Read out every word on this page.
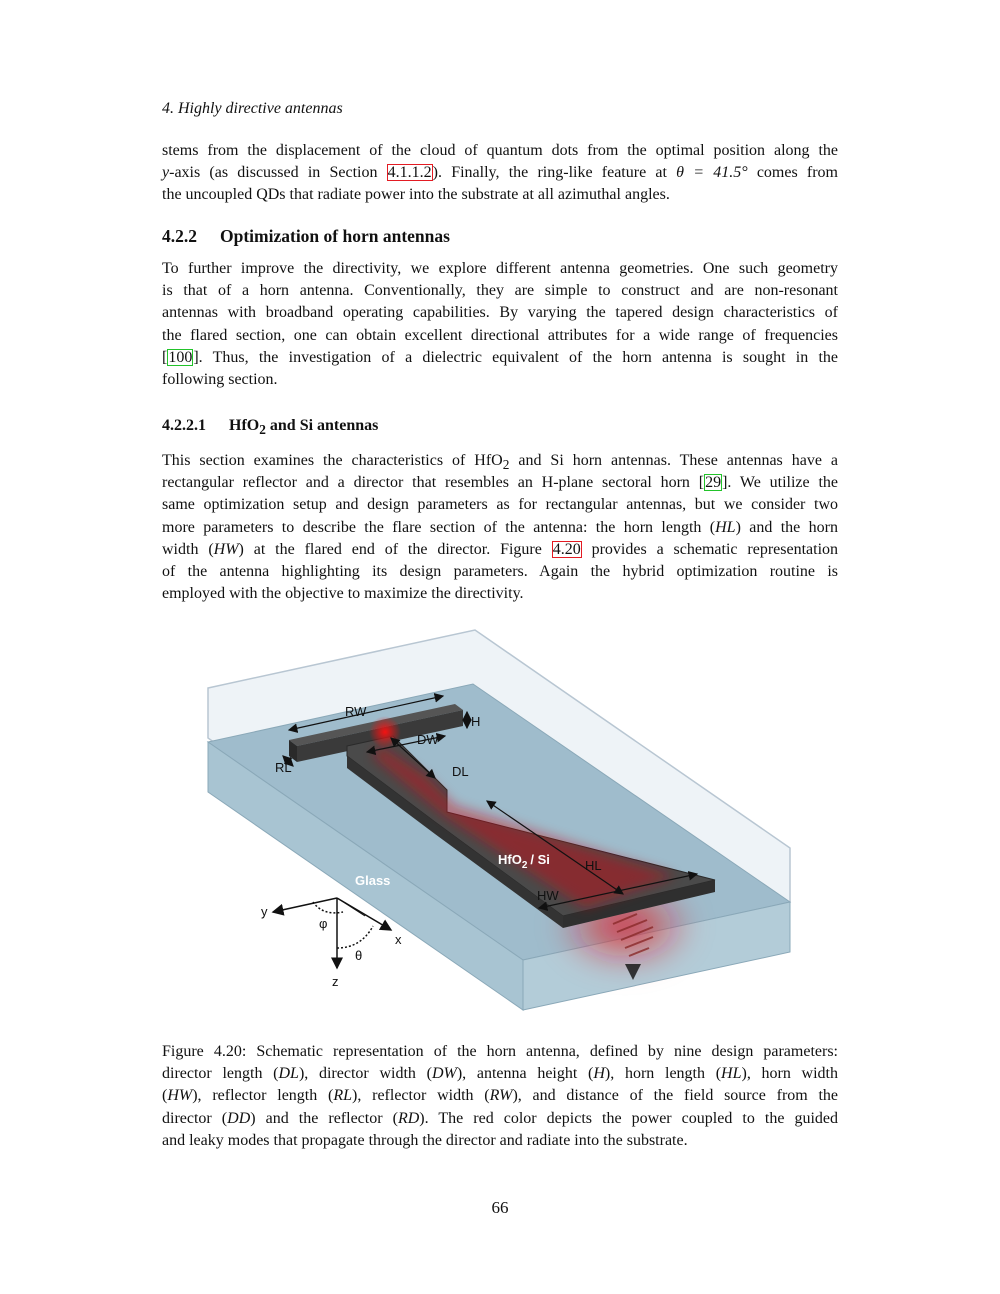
4. Highly directive antennas
stems from the displacement of the cloud of quantum dots from the optimal position along the
y-axis (as discussed in Section 4.1.1.2). Finally, the ring-like feature at θ = 41.5° comes from
the uncoupled QDs that radiate power into the substrate at all azimuthal angles.
4.2.2 Optimization of horn antennas
To further improve the directivity, we explore different antenna geometries. One such geometry
is that of a horn antenna. Conventionally, they are simple to construct and are non-resonant
antennas with broadband operating capabilities. By varying the tapered design characteristics of
the flared section, one can obtain excellent directional attributes for a wide range of frequencies
[100]. Thus, the investigation of a dielectric equivalent of the horn antenna is sought in the
following section.
4.2.2.1 HfO$_2$ and Si antennas
This section examines the characteristics of HfO$_2$ and Si horn antennas. These antennas have a
rectangular reflector and a director that resembles an H-plane sectoral horn [29]. We utilize the
same optimization setup and design parameters as for rectangular antennas, but we consider two
more parameters to describe the flare section of the antenna: the horn length (HL) and the horn
width (HW) at the flared end of the director. Figure 4.20 provides a schematic representation
of the antenna highlighting its design parameters. Again the hybrid optimization routine is
employed with the objective to maximize the directivity.
RW
H
DW
RL	DL
HfO$_2$ / Si	HL
HW
Glass
y
x
z
φ
θ
Figure 4.20: Schematic representation of the horn antenna, defined by nine design parameters:
director length (DL), director width (DW), antenna height (H), horn length (HL), horn width
(HW), reflector length (RL), reflector width (RW), and distance of the field source from the
director (DD) and the reflector (RD). The red color depicts the power coupled to the guided
and leaky modes that propagate through the director and radiate into the substrate.
66
